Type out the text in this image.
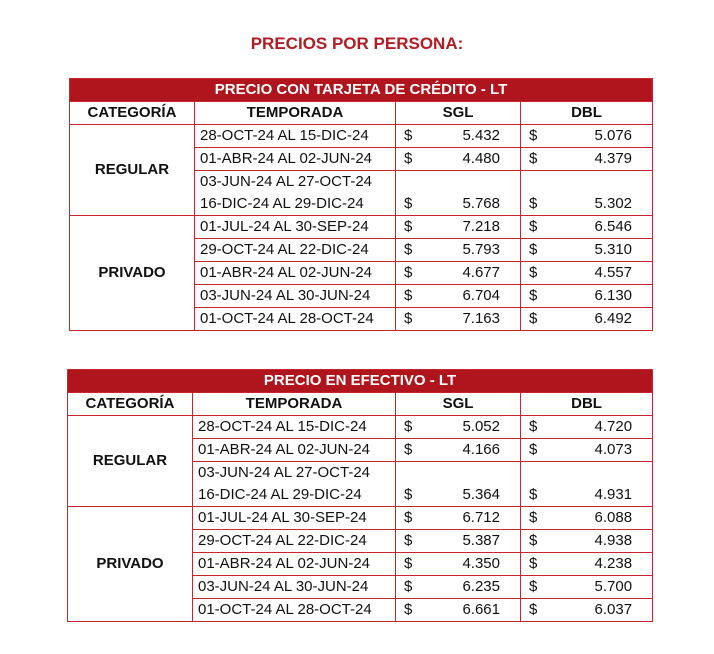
PRECIOS POR PERSONA:
PRECIO CON TARJETA DE CRÉDITO - LT			
CATEGORÍA	TEMPORADA	SGL	DBL
REGULAR	28-OCT-24 AL 15-DIC-24	$ 5.432	$ 5.076

	01-ABR-24 AL 02-JUN-24	$ 4.480	$ 4.379

	03-JUN-24 AL 27-OCT-24
16-DIC-24 AL 29-DIC-24	$ 5.768	$ 5.302

PRIVADO	01-JUL-24 AL 30-SEP-24	$ 7.218	$ 6.546

	29-OCT-24 AL 22-DIC-24	$ 5.793	$ 5.310

	01-ABR-24 AL 02-JUN-24	$ 4.677	$ 4.557

	03-JUN-24 AL 30-JUN-24	$ 6.704	$ 6.130

	01-OCT-24 AL 28-OCT-24	$ 7.163	$ 6.492
PRECIO EN EFECTIVO - LT			
CATEGORÍA	TEMPORADA	SGL	DBL
REGULAR	28-OCT-24 AL 15-DIC-24	$ 5.052	$ 4.720

	01-ABR-24 AL 02-JUN-24	$ 4.166	$ 4.073

	03-JUN-24 AL 27-OCT-24
16-DIC-24 AL 29-DIC-24	$ 5.364	$ 4.931

PRIVADO	01-JUL-24 AL 30-SEP-24	$ 6.712	$ 6.088

	29-OCT-24 AL 22-DIC-24	$ 5.387	$ 4.938

	01-ABR-24 AL 02-JUN-24	$ 4.350	$ 4.238

	03-JUN-24 AL 30-JUN-24	$ 6.235	$ 5.700

	01-OCT-24 AL 28-OCT-24	$ 6.661	$ 6.037
